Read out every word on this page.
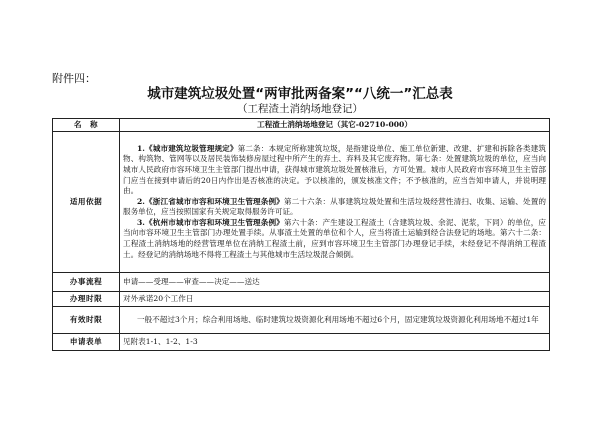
附件四：
城市建筑垃圾处置“两审批两备案”“八统一”汇总表
（工程渣土消纳场地登记）
名　称	工程渣土消纳场地登记（其它-02710-000）
适用依据	1.《城市建筑垃圾管理规定》第二条：本规定所称建筑垃圾，是指建设单位、施工单位新建、改建、扩建和拆除各类建筑物、构筑物、管网等以及居民装饰装修房屋过程中所产生的弃土、弃料及其它废弃物。第七条：处置建筑垃圾的单位，应当向城市人民政府市容环境卫生主管部门提出申请，获得城市建筑垃圾处置核准后，方可处置。城市人民政府市容环境卫生主管部门应当在接到申请后的20日内作出是否核准的决定。予以核准的，颁发核准文件；不予核准的，应当告知申请人，并说明理由。
2.《浙江省城市市容和环境卫生管理条例》第二十六条：从事建筑垃圾处置和生活垃圾经营性清扫、收集、运输、处置的服务单位，应当按照国家有关规定取得服务许可证。
3.《杭州市城市市容和环境卫生管理条例》第六十条：产生建设工程渣土（含建筑垃圾、余泥、泥浆，下同）的单位，应当向市容环境卫生主管部门办理处置手续。从事渣土处置的单位和个人，应当将渣土运输到经合法登记的场地。第六十二条：工程渣土消纳场地的经营管理单位在消纳工程渣土前，应到市容环境卫生主管部门办理登记手续，未经登记不得消纳工程渣土。经登记的消纳场地不得将工程渣土与其他城市生活垃圾混合倾倒。

办事流程	申请——受理——审查——决定——送达
办理时限	对外承诺20个工作日
有效时限	一般不超过3个月；综合利用场地、临时建筑垃圾资源化利用场地不超过6个月，固定建筑垃圾资源化利用场地不超过1年
申请表单	见附表1-1、1-2、1-3
